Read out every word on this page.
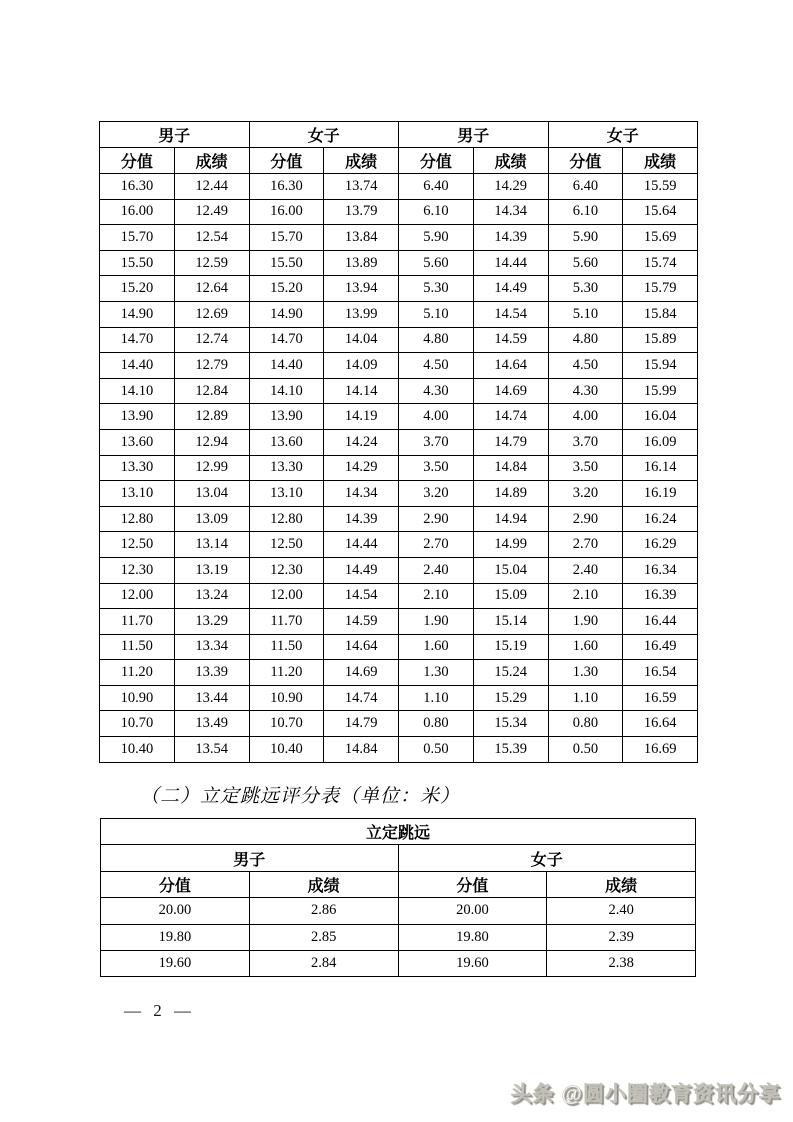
男子		女子		男子		女子	
分值	成绩	分值	成绩	分值	成绩	分值	成绩
16.30	12.44	16.30	13.74	6.40	14.29	6.40	15.59
16.00	12.49	16.00	13.79	6.10	14.34	6.10	15.64
15.70	12.54	15.70	13.84	5.90	14.39	5.90	15.69
15.50	12.59	15.50	13.89	5.60	14.44	5.60	15.74
15.20	12.64	15.20	13.94	5.30	14.49	5.30	15.79
14.90	12.69	14.90	13.99	5.10	14.54	5.10	15.84
14.70	12.74	14.70	14.04	4.80	14.59	4.80	15.89
14.40	12.79	14.40	14.09	4.50	14.64	4.50	15.94
14.10	12.84	14.10	14.14	4.30	14.69	4.30	15.99
13.90	12.89	13.90	14.19	4.00	14.74	4.00	16.04
13.60	12.94	13.60	14.24	3.70	14.79	3.70	16.09
13.30	12.99	13.30	14.29	3.50	14.84	3.50	16.14
13.10	13.04	13.10	14.34	3.20	14.89	3.20	16.19
12.80	13.09	12.80	14.39	2.90	14.94	2.90	16.24
12.50	13.14	12.50	14.44	2.70	14.99	2.70	16.29
12.30	13.19	12.30	14.49	2.40	15.04	2.40	16.34
12.00	13.24	12.00	14.54	2.10	15.09	2.10	16.39
11.70	13.29	11.70	14.59	1.90	15.14	1.90	16.44
11.50	13.34	11.50	14.64	1.60	15.19	1.60	16.49
11.20	13.39	11.20	14.69	1.30	15.24	1.30	16.54
10.90	13.44	10.90	14.74	1.10	15.29	1.10	16.59
10.70	13.49	10.70	14.79	0.80	15.34	0.80	16.64
10.40	13.54	10.40	14.84	0.50	15.39	0.50	16.69
（二）立定跳远评分表（单位：米）
立定跳远			
男子		女子	
分值	成绩	分值	成绩
20.00	2.86	20.00	2.40
19.80	2.85	19.80	2.39
19.60	2.84	19.60	2.38
— 2 —
头条 @圆小圈教育资讯分享
